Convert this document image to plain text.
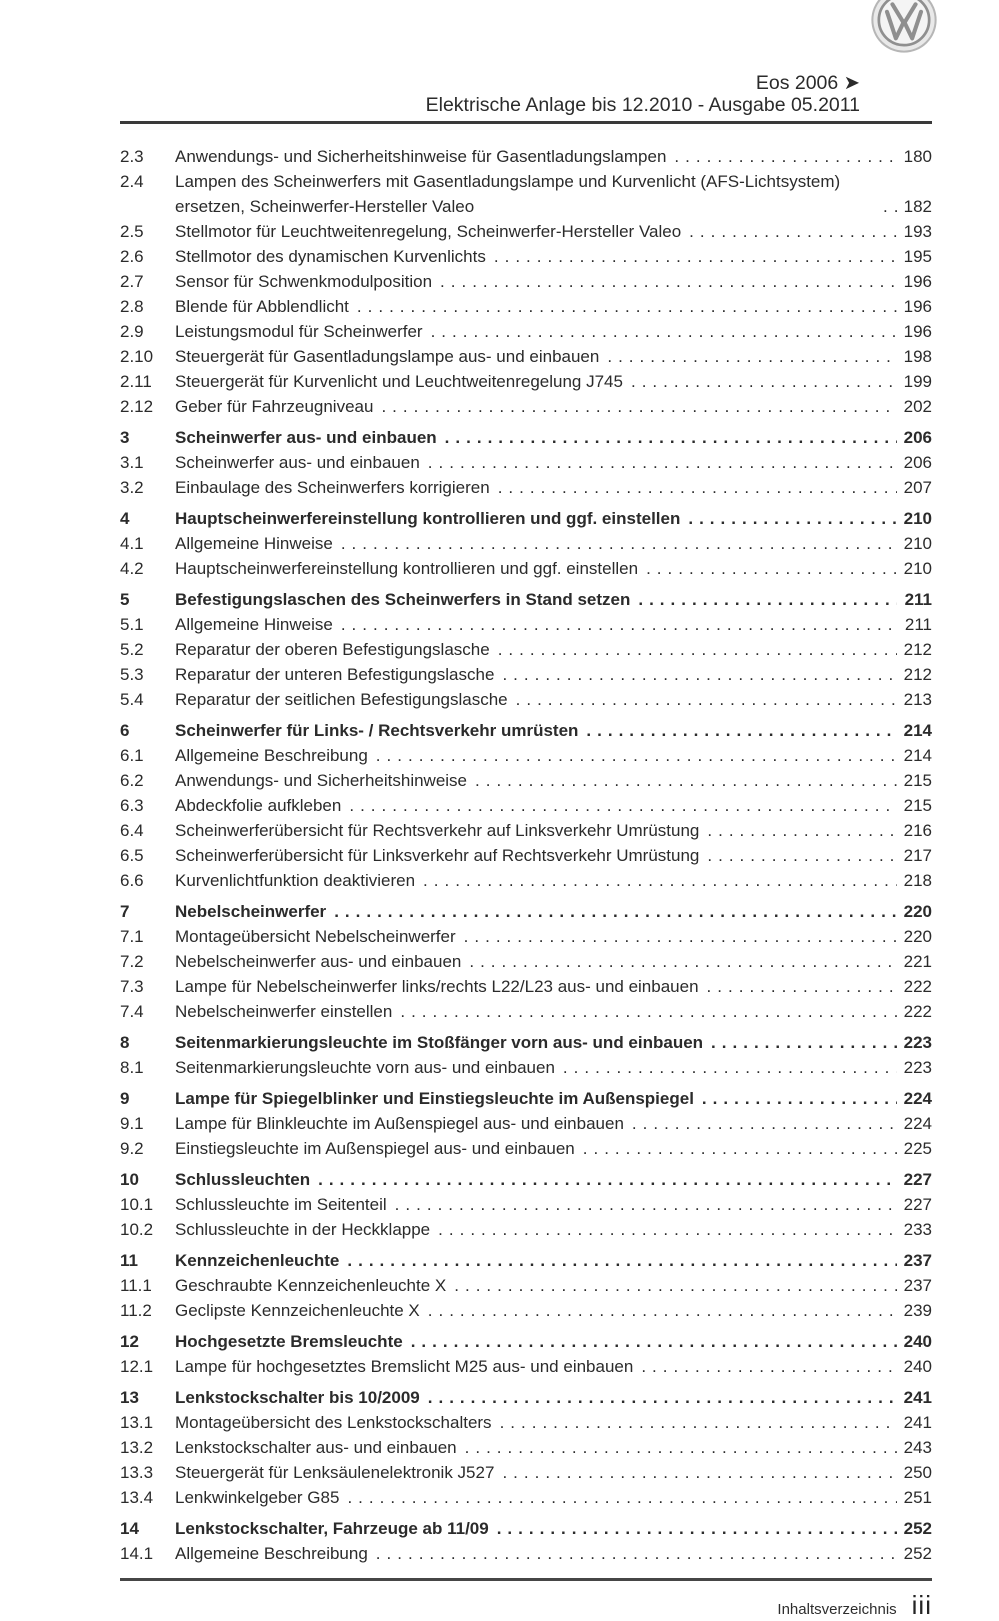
Eos 2006 ➤
Elektrische Anlage bis 12.2010 - Ausgabe 05.2011
2.3	Anwendungs- und Sicherheitshinweise für Gasentladungslampen .....	180
2.4	Lampen des Scheinwerfers mit Gasentladungslampe und Kurvenlicht (AFS-Lichtsystem) ersetzen, Scheinwerfer-Hersteller Valeo .....	182
2.5	Stellmotor für Leuchtweitenregelung, Scheinwerfer-Hersteller Valeo .....	193
2.6	Stellmotor des dynamischen Kurvenlichts .....	195
2.7	Sensor für Schwenkmodulposition .....	196
2.8	Blende für Abblendlicht .....	196
2.9	Leistungsmodul für Scheinwerfer .....	196
2.10	Steuergerät für Gasentladungslampe aus- und einbauen .....	198
2.11	Steuergerät für Kurvenlicht und Leuchtweitenregelung J745 .....	199
2.12	Geber für Fahrzeugniveau .....	202
3	Scheinwerfer aus- und einbauen .....	206
3.1	Scheinwerfer aus- und einbauen .....	206
3.2	Einbaulage des Scheinwerfers korrigieren .....	207
4	Hauptscheinwerfereinstellung kontrollieren und ggf. einstellen .....	210
4.1	Allgemeine Hinweise .....	210
4.2	Hauptscheinwerfereinstellung kontrollieren und ggf. einstellen .....	210
5	Befestigungslaschen des Scheinwerfers in Stand setzen .....	211
5.1	Allgemeine Hinweise .....	211
5.2	Reparatur der oberen Befestigungslasche .....	212
5.3	Reparatur der unteren Befestigungslasche .....	212
5.4	Reparatur der seitlichen Befestigungslasche .....	213
6	Scheinwerfer für Links- / Rechtsverkehr umrüsten .....	214
6.1	Allgemeine Beschreibung .....	214
6.2	Anwendungs- und Sicherheitshinweise .....	215
6.3	Abdeckfolie aufkleben .....	215
6.4	Scheinwerferübersicht für Rechtsverkehr auf Linksverkehr Umrüstung .....	216
6.5	Scheinwerferübersicht für Linksverkehr auf Rechtsverkehr Umrüstung .....	217
6.6	Kurvenlichtfunktion deaktivieren .....	218
7	Nebelscheinwerfer .....	220
7.1	Montageübersicht Nebelscheinwerfer .....	220
7.2	Nebelscheinwerfer aus- und einbauen .....	221
7.3	Lampe für Nebelscheinwerfer links/rechts L22/L23 aus- und einbauen .....	222
7.4	Nebelscheinwerfer einstellen .....	222
8	Seitenmarkierungsleuchte im Stoßfänger vorn aus- und einbauen .....	223
8.1	Seitenmarkierungsleuchte vorn aus- und einbauen .....	223
9	Lampe für Spiegelblinker und Einstiegsleuchte im Außenspiegel .....	224
9.1	Lampe für Blinkleuchte im Außenspiegel aus- und einbauen .....	224
9.2	Einstiegsleuchte im Außenspiegel aus- und einbauen .....	225
10	Schlussleuchten .....	227
10.1	Schlussleuchte im Seitenteil .....	227
10.2	Schlussleuchte in der Heckklappe .....	233
11	Kennzeichenleuchte .....	237
11.1	Geschraubte Kennzeichenleuchte X .....	237
11.2	Geclipste Kennzeichenleuchte X .....	239
12	Hochgesetzte Bremsleuchte .....	240
12.1	Lampe für hochgesetztes Bremslicht M25 aus- und einbauen .....	240
13	Lenkstockschalter bis 10/2009 .....	241
13.1	Montageübersicht des Lenkstockschalters .....	241
13.2	Lenkstockschalter aus- und einbauen .....	243
13.3	Steuergerät für Lenksäulenelektronik J527 .....	250
13.4	Lenkwinkelgeber G85 .....	251
14	Lenkstockschalter, Fahrzeuge ab 11/09 .....	252
14.1	Allgemeine Beschreibung .....	252
Inhaltsverzeichnis iii
